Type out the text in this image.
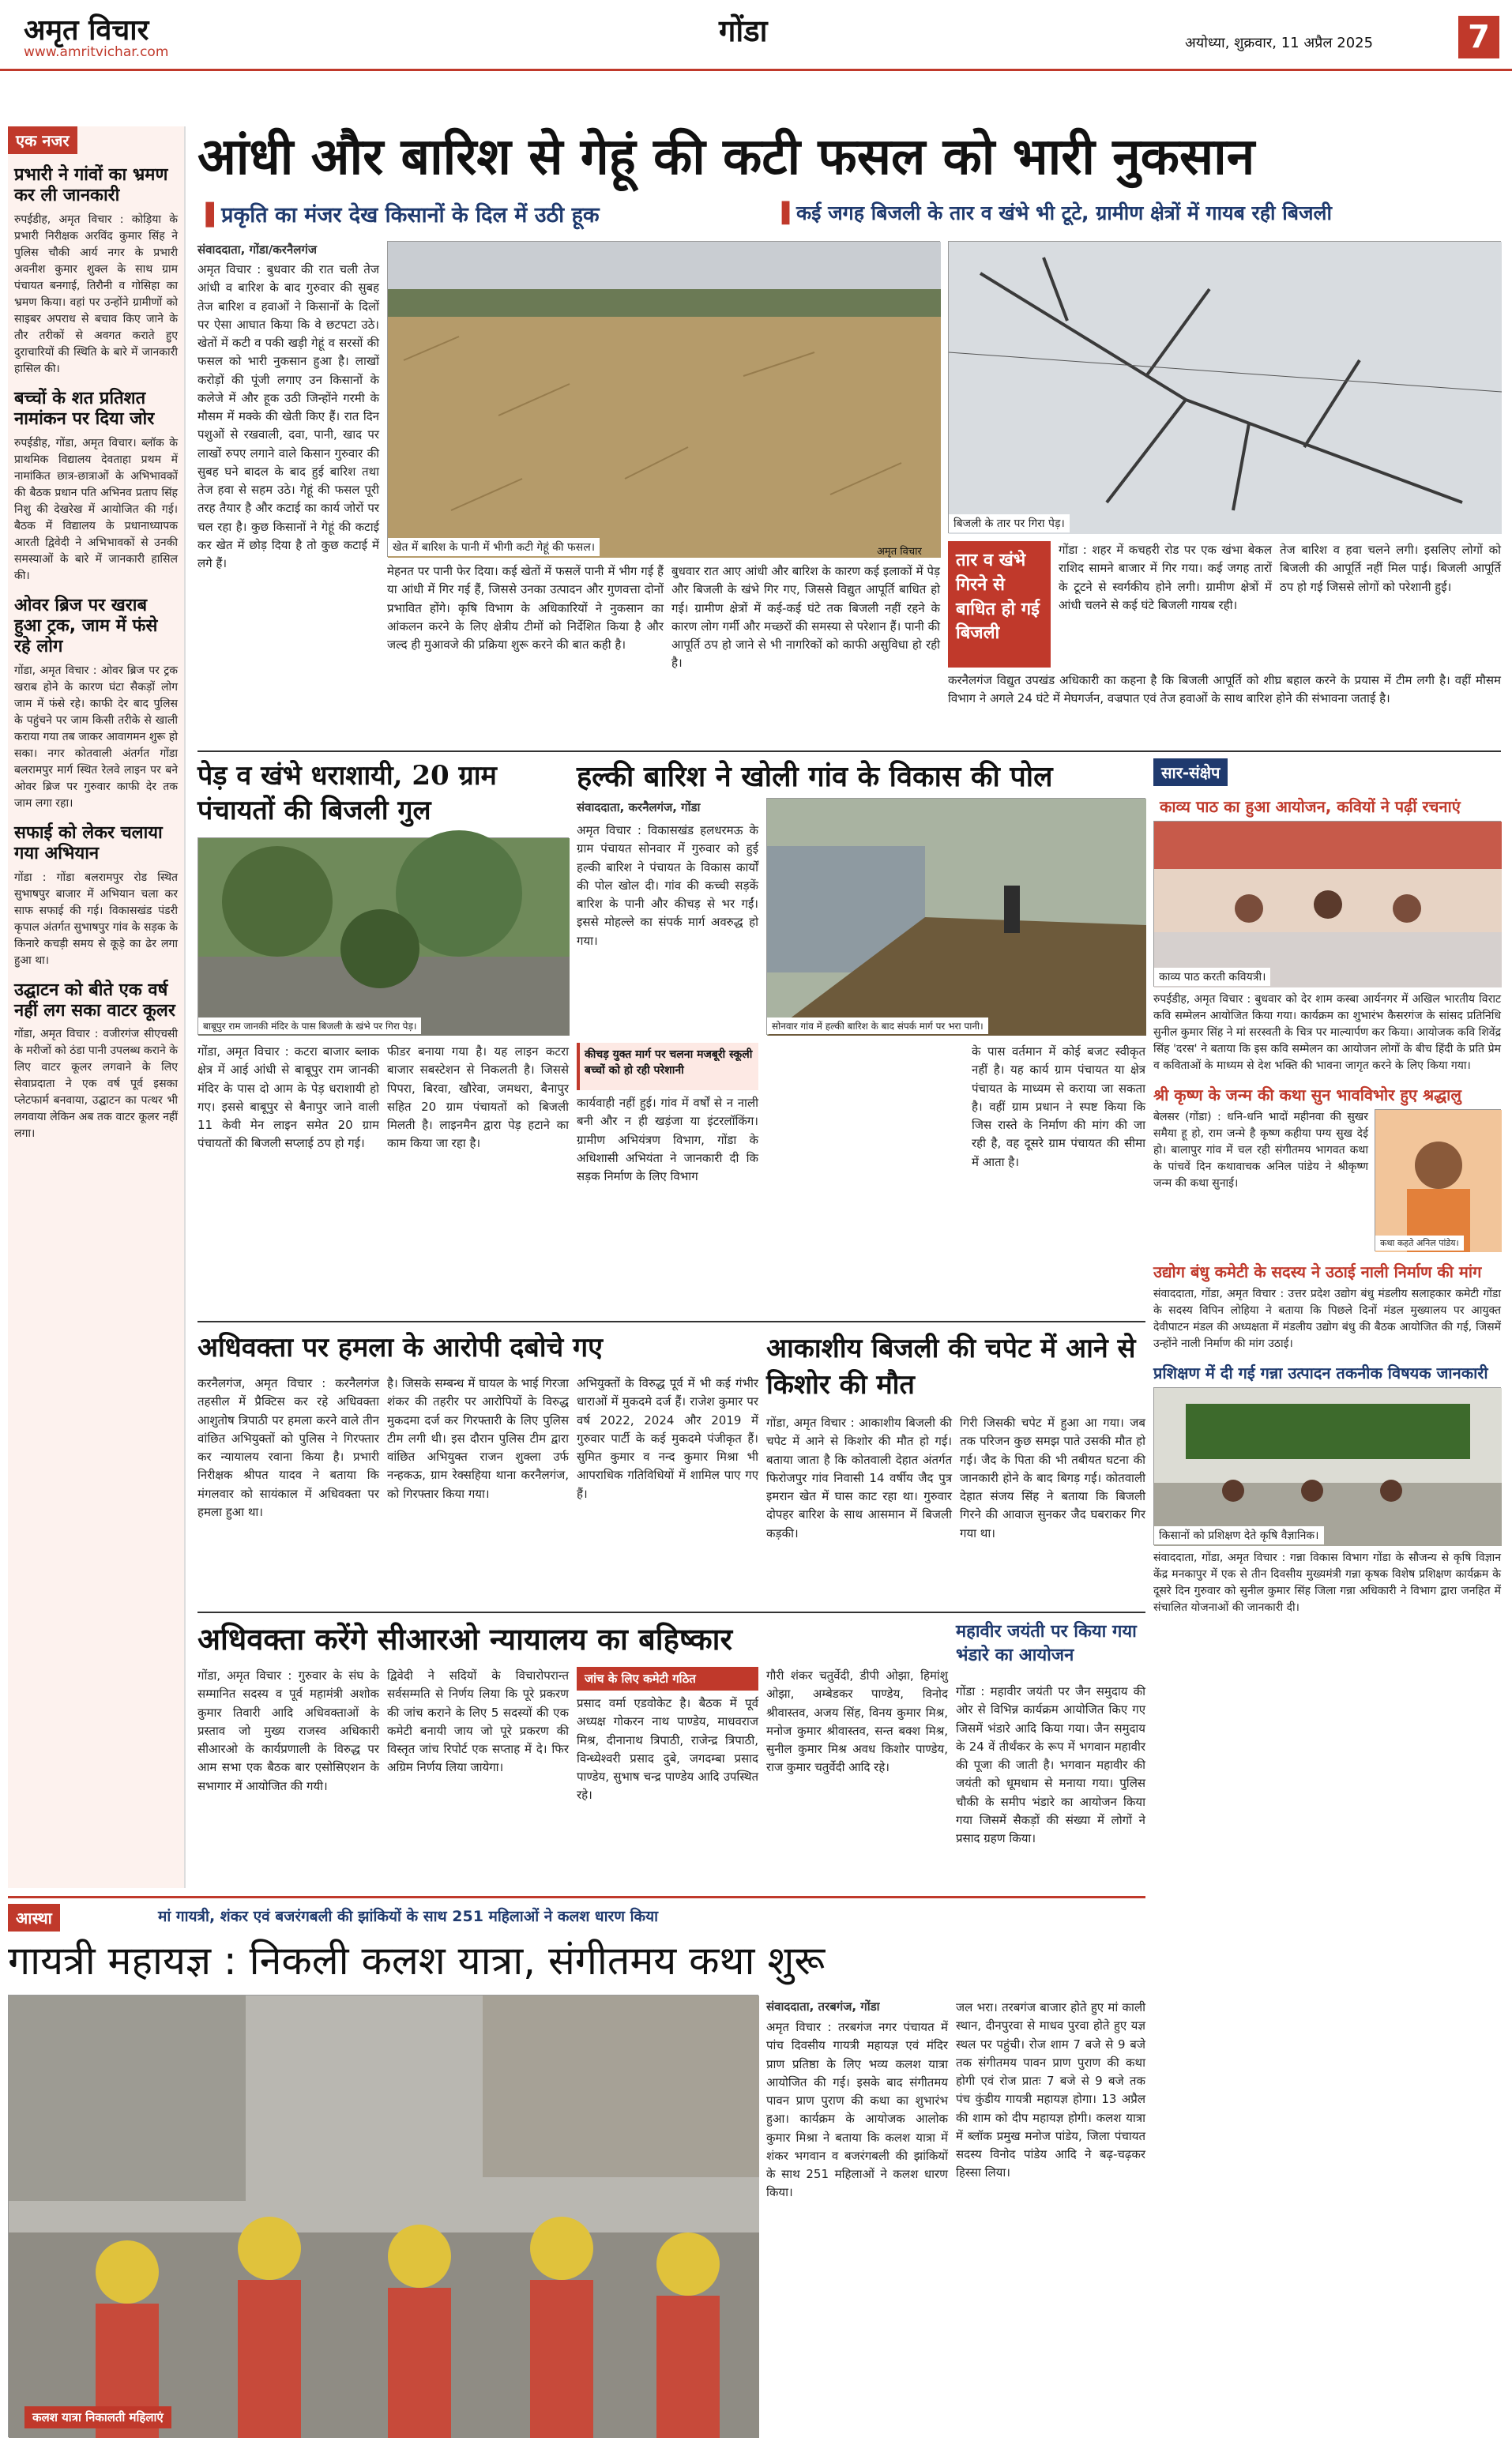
अमृत विचार
www.amritvichar.com
गोंडा	अयोध्या, शुक्रवार, 11 अप्रैल 2025	7
एक नजर
प्रभारी ने गांवों का भ्रमण कर ली जानकारी
रुपईडीह, अमृत विचार : कोड़िया के प्रभारी निरीक्षक अरविंद कुमार सिंह ने पुलिस चौकी आर्य नगर के प्रभारी अवनीश कुमार शुक्ल के साथ ग्राम पंचायत बनगाई, तिरौनी व गोसिहा का भ्रमण किया। वहां पर उन्होंने ग्रामीणों को साइबर अपराध से बचाव किए जाने के तौर तरीकों से अवगत कराते हुए दुराचारियों की स्थिति के बारे में जानकारी हासिल की।
बच्चों के शत प्रतिशत नामांकन पर दिया जोर
रुपईडीह, गोंडा, अमृत विचार। ब्लॉक के प्राथमिक विद्यालय देवताहा प्रथम में नामांकित छात्र-छात्राओं के अभिभावकों की बैठक प्रधान पति अभिनव प्रताप सिंह निशु की देखरेख में आयोजित की गई। बैठक में विद्यालय के प्रधानाध्यापक आरती द्विवेदी ने अभिभावकों से उनकी समस्याओं के बारे में जानकारी हासिल की।
ओवर ब्रिज पर खराब हुआ ट्रक, जाम में फंसे रहे लोग
गोंडा, अमृत विचार : ओवर ब्रिज पर ट्रक खराब होने के कारण घंटा सैकड़ों लोग जाम में फंसे रहे। काफी देर बाद पुलिस के पहुंचने पर जाम किसी तरीके से खाली कराया गया तब जाकर आवागमन शुरू हो सका। नगर कोतवाली अंतर्गत गोंडा बलरामपुर मार्ग स्थित रेलवे लाइन पर बने ओवर ब्रिज पर गुरुवार काफी देर तक जाम लगा रहा।
सफाई को लेकर चलाया गया अभियान
गोंडा : गोंडा बलरामपुर रोड स्थित सुभाषपुर बाजार में अभियान चला कर साफ सफाई की गई। विकासखंड पंडरी कृपाल अंतर्गत सुभाषपुर गांव के सड़क के किनारे कचड़ी समय से कूड़े का ढेर लगा हुआ था।
उद्घाटन को बीते एक वर्ष नहीं लग सका वाटर कूलर
गोंडा, अमृत विचार : वजीरगंज सीएचसी के मरीजों को ठंडा पानी उपलब्ध कराने के लिए वाटर कूलर लगवाने के लिए सेवाप्रदाता ने एक वर्ष पूर्व इसका प्लेटफार्म बनवाया, उद्घाटन का पत्थर भी लगवाया लेकिन अब तक वाटर कूलर नहीं लगा।
आंधी और बारिश से गेहूं की कटी फसल को भारी नुकसान
▐ प्रकृति का मंजर देख किसानों के दिल में उठी हूक	▐ कई जगह बिजली के तार व खंभे भी टूटे, ग्रामीण क्षेत्रों में गायब रही बिजली
संवाददाता, गोंडा/करनैलगंज
खेत में बारिश के पानी में भीगी कटी गेहूं की फसल।	अमृत विचार
बिजली के तार पर गिरा पेड़।
अमृत विचार : बुधवार की रात चली तेज आंधी व बारिश के बाद गुरुवार की सुबह तेज बारिश व हवाओं ने किसानों के दिलों पर ऐसा आघात किया कि वे छटपटा उठे। खेतों में कटी व पकी खड़ी गेहूं व सरसों की फसल को भारी नुकसान हुआ है। लाखों करोड़ों की पूंजी लगाए उन किसानों के कलेजे में और हूक उठी जिन्होंने गरमी के मौसम में मक्के की खेती किए हैं। रात दिन पशुओं से रखवाली, दवा, पानी, खाद पर लाखों रुपए लगाने वाले किसान गुरुवार की सुबह घने बादल के बाद हुई बारिश तथा तेज हवा से सहम उठे। गेहूं की फसल पूरी तरह तैयार है और कटाई का कार्य जोरों पर चल रहा है। कुछ किसानों ने गेहूं की कटाई कर खेत में छोड़ दिया है तो कुछ कटाई में लगे हैं।
मेहनत पर पानी फेर दिया। कई खेतों में फसलें पानी में भीग गई हैं या आंधी में गिर गई हैं, जिससे उनका उत्पादन और गुणवत्ता दोनों प्रभावित होंगे। कृषि विभाग के अधिकारियों ने नुकसान का आंकलन करने के लिए क्षेत्रीय टीमों को निर्देशित किया है और जल्द ही मुआवजे की प्रक्रिया शुरू करने की बात कही है।
बुधवार रात आए आंधी और बारिश के कारण कई इलाकों में पेड़ और बिजली के खंभे गिर गए, जिससे विद्युत आपूर्ति बाधित हो गई। ग्रामीण क्षेत्रों में कई-कई घंटे तक बिजली नहीं रहने के कारण लोग गर्मी और मच्छरों की समस्या से परेशान हैं। पानी की आपूर्ति ठप हो जाने से भी नागरिकों को काफी असुविधा हो रही है।
तार व खंभे गिरने से बाधित हो गई बिजली
गोंडा : शहर में कचहरी रोड पर एक खंभा बेकल राशिद सामने बाजार में गिर गया। कई जगह तारों के टूटने से स्वर्गकीय होने लगी। ग्रामीण क्षेत्रों में आंधी चलने से कई घंटे बिजली गायब रही।
तेज बारिश व हवा चलने लगी। इसलिए लोगों को बिजली की आपूर्ति नहीं मिल पाई। बिजली आपूर्ति ठप हो गई जिससे लोगों को परेशानी हुई।
करनैलगंज विद्युत उपखंड अधिकारी का कहना है कि बिजली आपूर्ति को शीघ्र बहाल करने के प्रयास में टीम लगी है। वहीं मौसम विभाग ने अगले 24 घंटे में मेघगर्जन, वज्रपात एवं तेज हवाओं के साथ बारिश होने की संभावना जताई है।
पेड़ व खंभे धराशायी, 20 ग्राम पंचायतों की बिजली गुल
बाबूपुर राम जानकी मंदिर के पास बिजली के खंभे पर गिरा पेड़।
गोंडा, अमृत विचार : कटरा बाजार ब्लाक क्षेत्र में आई आंधी से बाबूपुर राम जानकी मंदिर के पास दो आम के पेड़ धराशायी हो गए। इससे बाबूपुर से बैनापुर जाने वाली 11 केवी मेन लाइन समेत 20 ग्राम पंचायतों की बिजली सप्लाई ठप हो गई।
फीडर बनाया गया है। यह लाइन कटरा बाजार सबस्टेशन से निकलती है। जिससे पिपरा, बिरवा, खौरेवा, जमथरा, बैनापुर सहित 20 ग्राम पंचायतों को बिजली मिलती है। लाइनमैन द्वारा पेड़ हटाने का काम किया जा रहा है।
हल्की बारिश ने खोली गांव के विकास की पोल
संवाददाता, करनैलगंज, गोंडा
अमृत विचार : विकासखंड हलधरमऊ के ग्राम पंचायत सोनवार में गुरुवार को हुई हल्की बारिश ने पंचायत के विकास कार्यों की पोल खोल दी। गांव की कच्ची सड़कें बारिश के पानी और कीचड़ से भर गईं। इससे मोहल्ले का संपर्क मार्ग अवरुद्ध हो गया।
सोनवार गांव में हल्की बारिश के बाद संपर्क मार्ग पर भरा पानी।
के पास वर्तमान में कोई बजट स्वीकृत नहीं है। यह कार्य ग्राम पंचायत या क्षेत्र पंचायत के माध्यम से कराया जा सकता है। वहीं ग्राम प्रधान ने स्पष्ट किया कि जिस रास्ते के निर्माण की मांग की जा रही है, वह दूसरे ग्राम पंचायत की सीमा में आता है।
कीचड़ युक्त मार्ग पर चलना मजबूरी स्कूली बच्चों को हो रही परेशानी
कार्यवाही नहीं हुई। गांव में वर्षों से न नाली बनी और न ही खड़ंजा या इंटरलॉकिंग। ग्रामीण अभियंत्रण विभाग, गोंडा के अधिशासी अभियंता ने जानकारी दी कि सड़क निर्माण के लिए विभाग
सार-संक्षेप
काव्य पाठ का हुआ आयोजन, कवियों ने पढ़ीं रचनाएं
काव्य पाठ करती कवियत्री।
रुपईडीह, अमृत विचार : बुधवार को देर शाम कस्बा आर्यनगर में अखिल भारतीय विराट कवि सम्मेलन आयोजित किया गया। कार्यक्रम का शुभारंभ कैसरगंज के सांसद प्रतिनिधि सुनील कुमार सिंह ने मां सरस्वती के चित्र पर माल्यार्पण कर किया। आयोजक कवि शिवेंद्र सिंह 'दरस' ने बताया कि इस कवि सम्मेलन का आयोजन लोगों के बीच हिंदी के प्रति प्रेम व कविताओं के माध्यम से देश भक्ति की भावना जागृत करने के लिए किया गया।
श्री कृष्ण के जन्म की कथा सुन भावविभोर हुए श्रद्धालु
बेलसर (गोंडा) : धनि-धनि भादों महीनवा की सुखर समैया हू हो, राम जन्मे है कृष्ण कहीया पग्य सुख देई हो। बालापुर गांव में चल रही संगीतमय भागवत कथा के पांचवें दिन कथावाचक अनिल पांडेय ने श्रीकृष्ण जन्म की कथा सुनाई।
कथा कहते अनिल पांडेय।
उद्योग बंधु कमेटी के सदस्य ने उठाई नाली निर्माण की मांग
संवाददाता, गोंडा, अमृत विचार : उत्तर प्रदेश उद्योग बंधु मंडलीय सलाहकार कमेटी गोंडा के सदस्य विपिन लोहिया ने बताया कि पिछले दिनों मंडल मुख्यालय पर आयुक्त देवीपाटन मंडल की अध्यक्षता में मंडलीय उद्योग बंधु की बैठक आयोजित की गई, जिसमें उन्होंने नाली निर्माण की मांग उठाई।
प्रशिक्षण में दी गई गन्ना उत्पादन तकनीक विषयक जानकारी
किसानों को प्रशिक्षण देते कृषि वैज्ञानिक।
संवाददाता, गोंडा, अमृत विचार : गन्ना विकास विभाग गोंडा के सौजन्य से कृषि विज्ञान केंद्र मनकापुर में एक से तीन दिवसीय मुख्यमंत्री गन्ना कृषक विशेष प्रशिक्षण कार्यक्रम के दूसरे दिन गुरुवार को सुनील कुमार सिंह जिला गन्ना अधिकारी ने विभाग द्वारा जनहित में संचालित योजनाओं की जानकारी दी।
अधिवक्ता पर हमला के आरोपी दबोचे गए
करनैलगंज, अमृत विचार : करनैलगंज तहसील में प्रैक्टिस कर रहे अधिवक्ता आशुतोष त्रिपाठी पर हमला करने वाले तीन वांछित अभियुक्तों को पुलिस ने गिरफ्तार कर न्यायालय रवाना किया है। प्रभारी निरीक्षक श्रीपत यादव ने बताया कि मंगलवार को सायंकाल में अधिवक्ता पर हमला हुआ था।
है। जिसके सम्बन्ध में घायल के भाई गिरजा शंकर की तहरीर पर आरोपियों के विरुद्ध मुकदमा दर्ज कर गिरफ्तारी के लिए पुलिस टीम लगी थी। इस दौरान पुलिस टीम द्वारा वांछित अभियुक्त राजन शुक्ला उर्फ नन्हकऊ, ग्राम रेक्सहिया थाना करनैलगंज, को गिरफ्तार किया गया।
अभियुक्तों के विरुद्ध पूर्व में भी कई गंभीर धाराओं में मुकदमे दर्ज हैं। राजेश कुमार पर वर्ष 2022, 2024 और 2019 में गुरुवार पार्टी के कई मुकदमे पंजीकृत हैं। सुमित कुमार व नन्द कुमार मिश्रा भी आपराधिक गतिविधियों में शामिल पाए गए हैं।
आकाशीय बिजली की चपेट में आने से किशोर की मौत
गोंडा, अमृत विचार : आकाशीय बिजली की चपेट में आने से किशोर की मौत हो गई। बताया जाता है कि कोतवाली देहात अंतर्गत फिरोजपुर गांव निवासी 14 वर्षीय जैद पुत्र इमरान खेत में घास काट रहा था। गुरुवार दोपहर बारिश के साथ आसमान में बिजली कड़की।
गिरी जिसकी चपेट में हुआ आ गया। जब तक परिजन कुछ समझ पाते उसकी मौत हो गई। जैद के पिता की भी तबीयत घटना की जानकारी होने के बाद बिगड़ गई। कोतवाली देहात संजय सिंह ने बताया कि बिजली गिरने की आवाज सुनकर जैद घबराकर गिर गया था।
अधिवक्ता करेंगे सीआरओ न्यायालय का बहिष्कार
गोंडा, अमृत विचार : गुरुवार के संघ के सम्मानित सदस्य व पूर्व महामंत्री अशोक कुमार तिवारी आदि अधिवक्ताओं के प्रस्ताव जो मुख्य राजस्व अधिकारी सीआरओ के कार्यप्रणाली के विरुद्ध पर आम सभा एक बैठक बार एसोसिएशन के सभागार में आयोजित की गयी।
द्विवेदी ने सदियों के विचारोपरान्त सर्वसम्मति से निर्णय लिया कि पूरे प्रकरण की जांच कराने के लिए 5 सदस्यों की एक कमेटी बनायी जाय जो पूरे प्रकरण की विस्तृत जांच रिपोर्ट एक सप्ताह में दे। फिर अग्रिम निर्णय लिया जायेगा।
जांच के लिए कमेटी गठित
प्रसाद वर्मा एडवोकेट है। बैठक में पूर्व अध्यक्ष गोकरन नाथ पाण्डेय, माधवराज मिश्र, दीनानाथ त्रिपाठी, राजेन्द्र त्रिपाठी, विन्ध्येश्वरी प्रसाद दुबे, जगदम्बा प्रसाद पाण्डेय, सुभाष चन्द्र पाण्डेय आदि उपस्थित रहे।
गौरी शंकर चतुर्वेदी, डीपी ओझा, हिमांशु ओझा, अम्बेडकर पाण्डेय, विनोद श्रीवास्तव, अजय सिंह, विनय कुमार मिश्र, मनोज कुमार श्रीवास्तव, सन्त बक्श मिश्र, सुनील कुमार मिश्र अवध किशोर पाण्डेय, राज कुमार चतुर्वेदी आदि रहे।
महावीर जयंती पर किया गया भंडारे का आयोजन
गोंडा : महावीर जयंती पर जैन समुदाय की ओर से विभिन्न कार्यक्रम आयोजित किए गए जिसमें भंडारे आदि किया गया। जैन समुदाय के 24 वें तीर्थंकर के रूप में भगवान महावीर की पूजा की जाती है। भगवान महावीर की जयंती को धूमधाम से मनाया गया। पुलिस चौकी के समीप भंडारे का आयोजन किया गया जिसमें सैकड़ों की संख्या में लोगों ने प्रसाद ग्रहण किया।
आस्था	मां गायत्री, शंकर एवं बजरंगबली की झांकियों के साथ 251 महिलाओं ने कलश धारण किया
गायत्री महायज्ञ : निकली कलश यात्रा, संगीतमय कथा शुरू
कलश यात्रा निकालती महिलाएं
संवाददाता, तरबगंज, गोंडा
अमृत विचार : तरबगंज नगर पंचायत में पांच दिवसीय गायत्री महायज्ञ एवं मंदिर प्राण प्रतिष्ठा के लिए भव्य कलश यात्रा आयोजित की गई। इसके बाद संगीतमय पावन प्राण पुराण की कथा का शुभारंभ हुआ। कार्यक्रम के आयोजक आलोक कुमार मिश्रा ने बताया कि कलश यात्रा में शंकर भगवान व बजरंगबली की झांकियों के साथ 251 महिलाओं ने कलश धारण किया।
जल भरा। तरबगंज बाजार होते हुए मां काली स्थान, दीनपुरवा से माधव पुरवा होते हुए यज्ञ स्थल पर पहुंची। रोज शाम 7 बजे से 9 बजे तक संगीतमय पावन प्राण पुराण की कथा होगी एवं रोज प्रातः 7 बजे से 9 बजे तक पंच कुंडीय गायत्री महायज्ञ होगा। 13 अप्रैल की शाम को दीप महायज्ञ होगी। कलश यात्रा में ब्लॉक प्रमुख मनोज पांडेय, जिला पंचायत सदस्य विनोद पांडेय आदि ने बढ़-चढ़कर हिस्सा लिया।
